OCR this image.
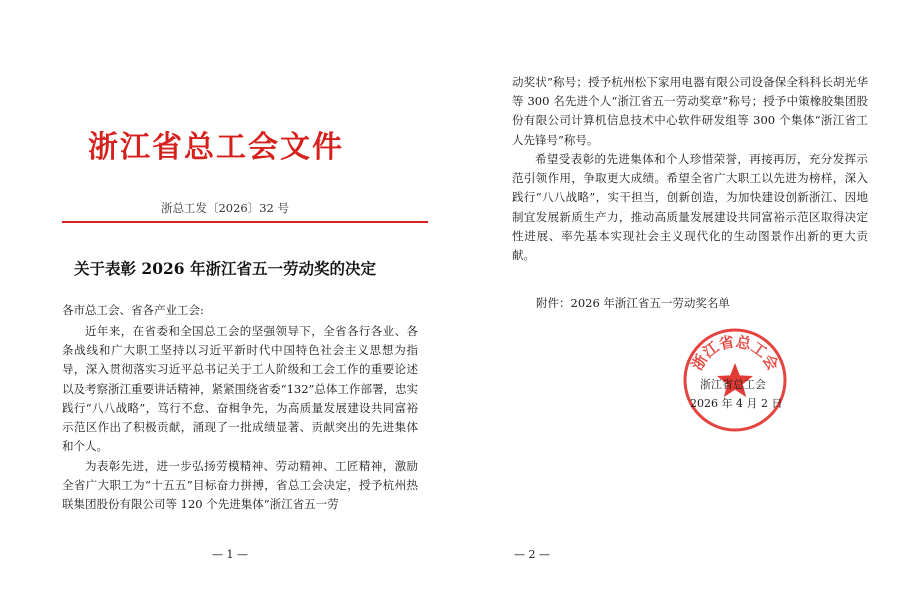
浙江省总工会文件
浙总工发〔2026〕32 号
关于表彰 2026 年浙江省五一劳动奖的决定
各市总工会、省各产业工会:

近年来，在省委和全国总工会的坚强领导下，全省各行各业、各条战线和广大职工坚持以习近平新时代中国特色社会主义思想为指导，深入贯彻落实习近平总书记关于工人阶级和工会工作的重要论述以及考察浙江重要讲话精神，紧紧围绕省委“132”总体工作部署，忠实践行“八八战略”，笃行不怠、奋楫争先，为高质量发展建设共同富裕示范区作出了积极贡献，涌现了一批成绩显著、贡献突出的先进集体和个人。

为表彰先进，进一步弘扬劳模精神、劳动精神、工匠精神，激励全省广大职工为“十五五”目标奋力拼搏，省总工会决定，授予杭州热联集团股份有限公司等 120 个先进集体“浙江省五一劳

— 1 —

动奖状”称号；授予杭州松下家用电器有限公司设备保全科科长胡光华等 300 名先进个人“浙江省五一劳动奖章”称号；授予中策橡胶集团股份有限公司计算机信息技术中心软件研发组等 300 个集体“浙江省工人先锋号”称号。

希望受表彰的先进集体和个人珍惜荣誉，再接再厉，充分发挥示范引领作用，争取更大成绩。希望全省广大职工以先进为榜样，深入践行“八八战略”，实干担当，创新创造，为加快建设创新浙江、因地制宜发展新质生产力，推动高质量发展建设共同富裕示范区取得决定性进展、率先基本实现社会主义现代化的生动图景作出新的更大贡献。

附件：2026 年浙江省五一劳动奖名单
浙江省总工会
浙江省总工会
2026 年 4 月 2 日
— 2 —
